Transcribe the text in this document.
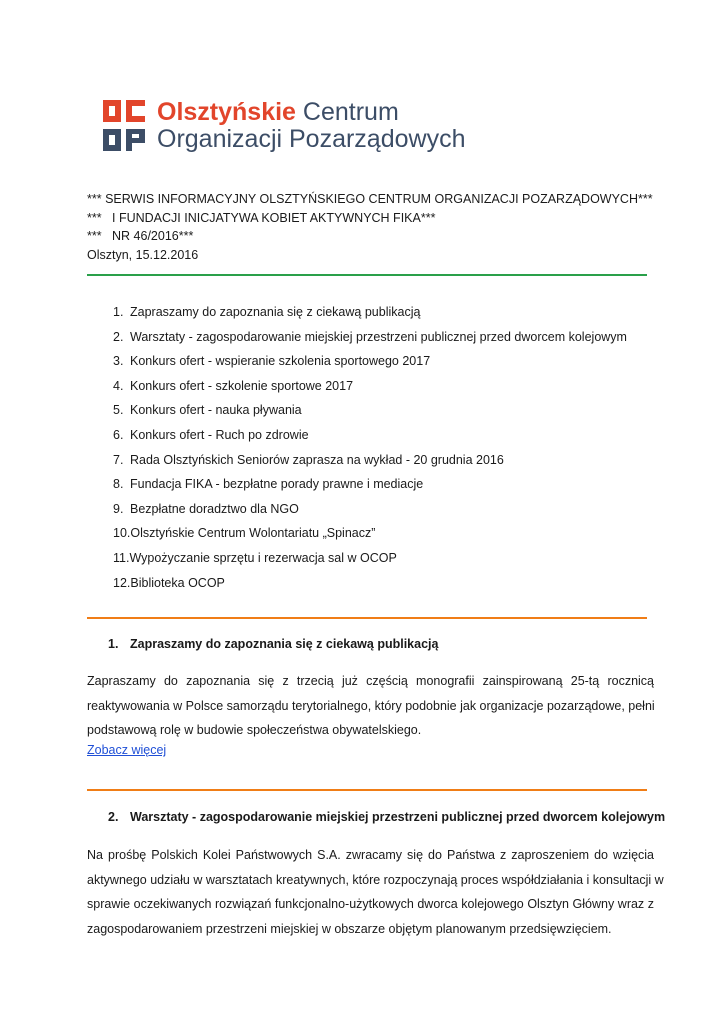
Olsztyńskie Centrum
Organizacji Pozarządowych
*** SERWIS INFORMACYJNY OLSZTYŃSKIEGO CENTRUM ORGANIZACJI POZARZĄDOWYCH***
***   I FUNDACJI INICJATYWA KOBIET AKTYWNYCH FIKA***
***   NR 46/2016***
Olsztyn, 15.12.2016
1. Zapraszamy do zapoznania się z ciekawą publikacją
2. Warsztaty - zagospodarowanie miejskiej przestrzeni publicznej przed dworcem kolejowym
3. Konkurs ofert - wspieranie szkolenia sportowego 2017
4. Konkurs ofert - szkolenie sportowe 2017
5. Konkurs ofert - nauka pływania
6. Konkurs ofert - Ruch po zdrowie
7. Rada Olsztyńskich Seniorów zaprasza na wykład - 20 grudnia 2016
8. Fundacja FIKA - bezpłatne porady prawne i mediacje
9. Bezpłatne doradztwo dla NGO
10.Olsztyńskie Centrum Wolontariatu „Spinacz”
11.Wypożyczanie sprzętu i rezerwacja sal w OCOP
12.Biblioteka OCOP
1. Zapraszamy do zapoznania się z ciekawą publikacją

Zapraszamy do zapoznania się z trzecią już częścią monografii zainspirowaną 25-tą rocznicą
reaktywowania w Polsce samorządu terytorialnego, który podobnie jak organizacje pozarządowe, pełni
podstawową rolę w budowie społeczeństwa obywatelskiego.

Zobacz więcej
2. Warsztaty - zagospodarowanie miejskiej przestrzeni publicznej przed dworcem kolejowym

Na prośbę Polskich Kolei Państwowych S.A. zwracamy się do Państwa z zaproszeniem do wzięcia
aktywnego udziału w warsztatach kreatywnych, które rozpoczynają proces współdziałania i konsultacji w
sprawie oczekiwanych rozwiązań funkcjonalno-użytkowych dworca kolejowego Olsztyn Główny wraz z
zagospodarowaniem przestrzeni miejskiej w obszarze objętym planowanym przedsięwzięciem.
